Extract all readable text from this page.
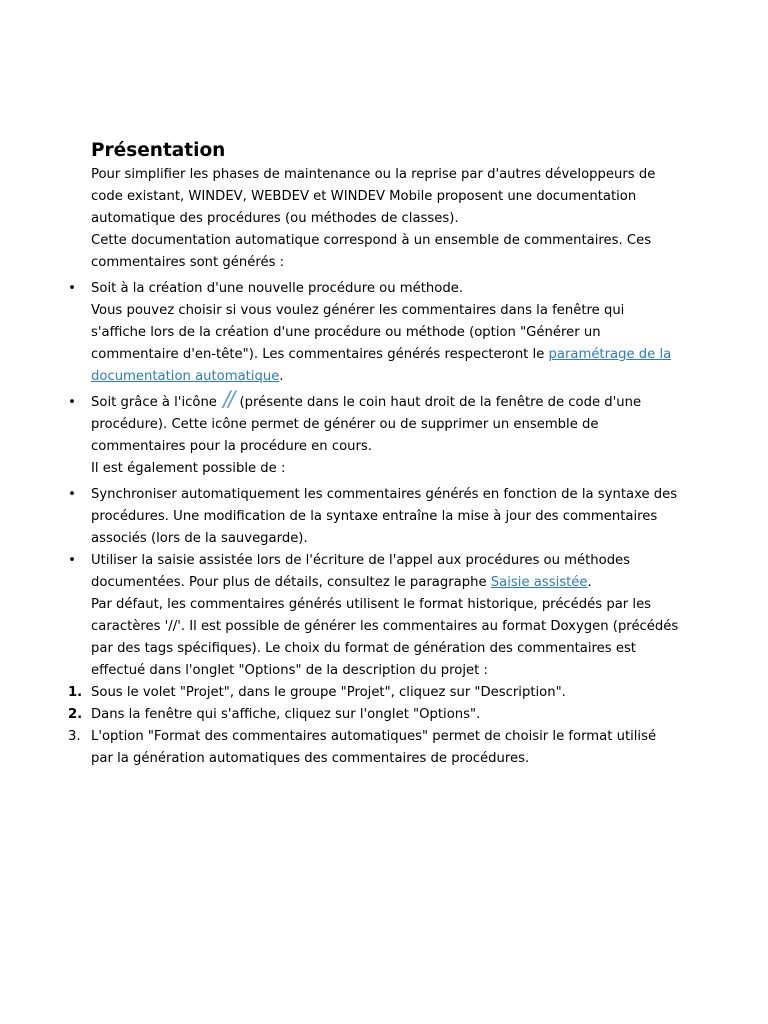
Présentation

Pour simplifier les phases de maintenance ou la reprise par d'autres développeurs de code existant, WINDEV, WEBDEV et WINDEV Mobile proposent une documentation automatique des procédures (ou méthodes de classes).

Cette documentation automatique correspond à un ensemble de commentaires. Ces commentaires sont générés :

• Soit à la création d'une nouvelle procédure ou méthode.

Vous pouvez choisir si vous voulez générer les commentaires dans la fenêtre qui s'affiche lors de la création d'une procédure ou méthode (option "Générer un commentaire d'en-tête"). Les commentaires générés respecteront le paramétrage de la documentation automatique.

• Soit grâce à l'icône // (présente dans le coin haut droit de la fenêtre de code d'une procédure). Cette icône permet de générer ou de supprimer un ensemble de commentaires pour la procédure en cours.

Il est également possible de :

• Synchroniser automatiquement les commentaires générés en fonction de la syntaxe des procédures. Une modification de la syntaxe entraîne la mise à jour des commentaires associés (lors de la sauvegarde).

• Utiliser la saisie assistée lors de l'écriture de l'appel aux procédures ou méthodes documentées. Pour plus de détails, consultez le paragraphe Saisie assistée.

Par défaut, les commentaires générés utilisent le format historique, précédés par les caractères '//'. Il est possible de générer les commentaires au format Doxygen (précédés par des tags spécifiques). Le choix du format de génération des commentaires est effectué dans l'onglet "Options" de la description du projet :

1. Sous le volet "Projet", dans le groupe "Projet", cliquez sur "Description".

2. Dans la fenêtre qui s'affiche, cliquez sur l'onglet "Options".

3. L'option "Format des commentaires automatiques" permet de choisir le format utilisé par la génération automatiques des commentaires de procédures.
